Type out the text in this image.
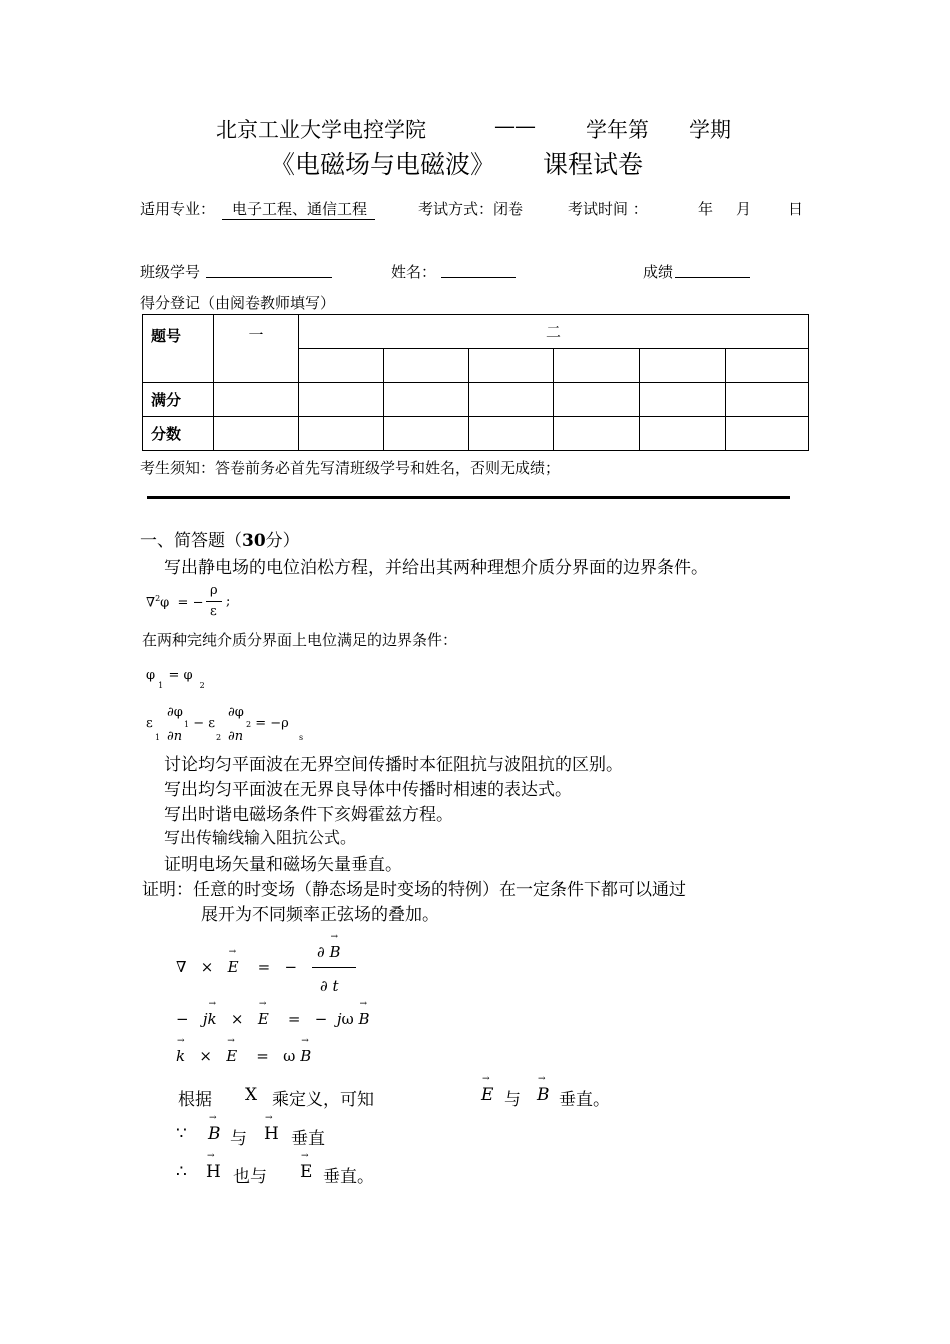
北京工业大学电控学院	—— 学年第 学期
《电磁场与电磁波》 课程试卷
适用专业：	电子工程、通信工程	考试方式：闭卷	考试时间 ：	年 月 日
班级学号	姓名：	成绩
得分登记（由阅卷教师填写）
题号	一	二					

满分							
分数							
考生须知：答卷前务必首先写清班级学号和姓名，否则无成绩；
一、简答题（30分）
写出静电场的电位泊松方程，并给出其两种理想介质分界面的边界条件。
∇$^2$φ  = −
ρ
ε
;
在两种完纯介质分界面上电位满足的边界条件：
$\varphi_1 = \varphi_2$
ε
1
∂φ
∂n
1 − ε
2
∂φ
∂n
2 = −ρ
s
讨论均匀平面波在无界空间传播时本征阻抗与波阻抗的区别。
写出均匀平面波在无界良导体中传播时相速的表达式。
写出时谐电磁场条件下亥姆霍兹方程。
写出传输线输入阻抗公式。
证明电场矢量和磁场矢量垂直。
证明：任意的时变场（静态场是时变场的特例）在一定条件下都可以通过
展开为不同频率正弦场的叠加。
∇   ×   → E    =   −
∂ → B
∂ t
−   j→ k   ×   → E    =   −  jω → B
→ k   ×   → E    =   ω → B
根据 X 乘定义，可知	→ E 与 → B 垂直。
∵ → B 与 → H 垂直
∴ → H 也与 → E 垂直。
